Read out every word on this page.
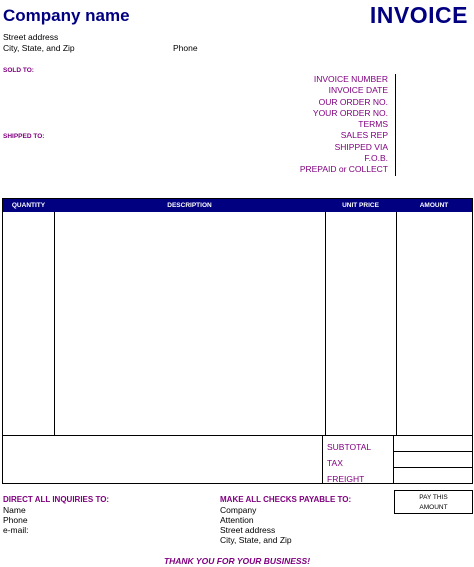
Company name	INVOICE
Street address
City, State, and Zip	Phone
SOLD TO:
SHIPPED TO:
INVOICE NUMBER
INVOICE DATE
OUR ORDER NO.
YOUR ORDER NO.
TERMS
SALES REP
SHIPPED VIA
F.O.B.
PREPAID or COLLECT
QUANTITY	DESCRIPTION	UNIT PRICE	AMOUNT
SUBTOTAL
TAX
FREIGHT
DIRECT ALL INQUIRIES TO:
Name
Phone
e-mail:
MAKE ALL CHECKS PAYABLE TO:
Company
Attention
Street address
City, State, and Zip
PAY THIS
AMOUNT
THANK YOU FOR YOUR BUSINESS!
